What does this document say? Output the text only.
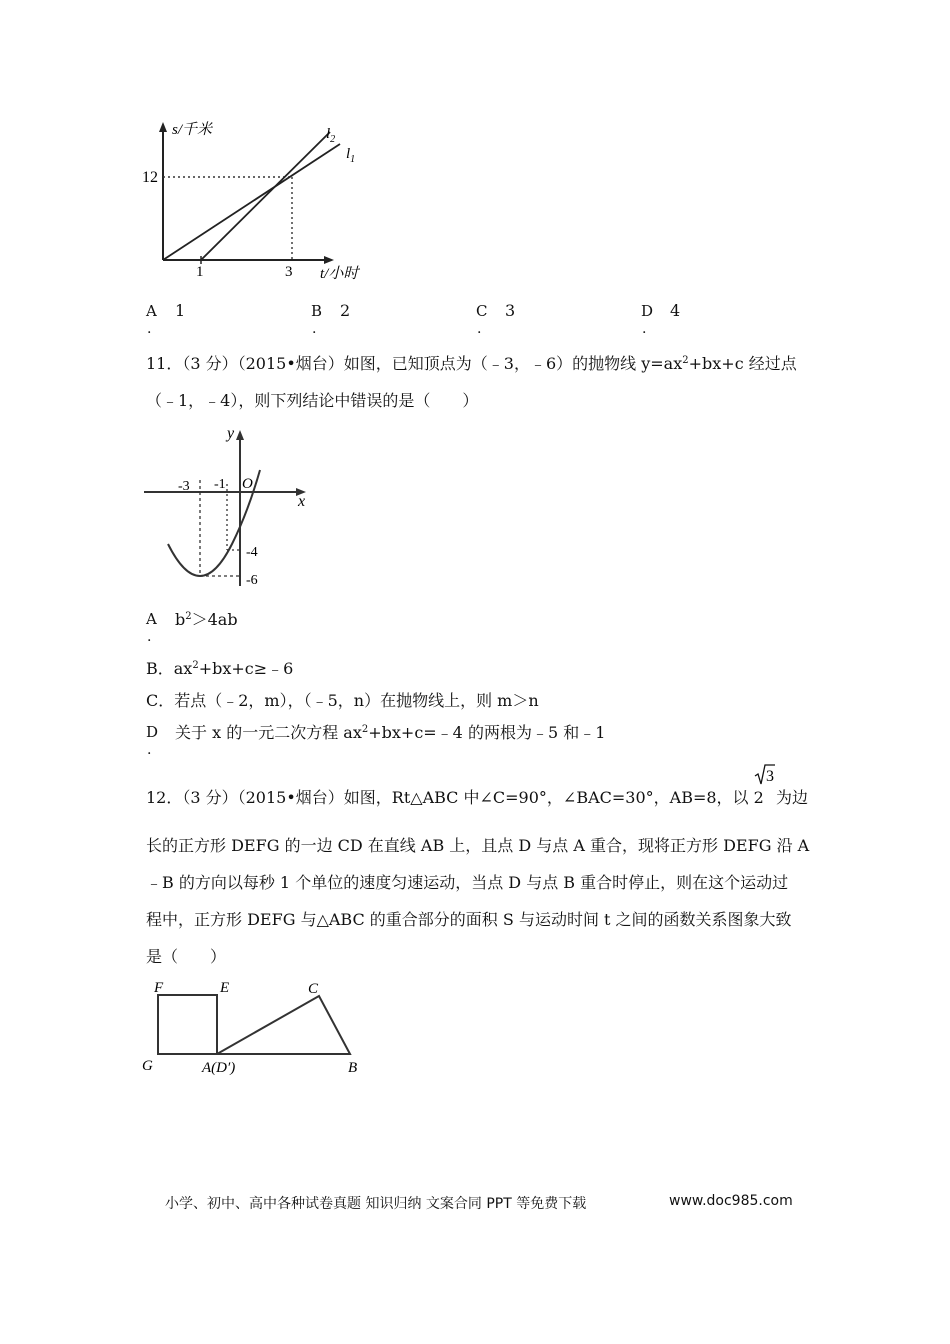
s/千米
t/小时
12
1	3
$l_2$
$l_1$
A
.
1	B
.
2	C
.
3	D
.
4
11．（3 分）（2015•烟台）如图，已知顶点为（﹣3，﹣6）的抛物线 $y=ax^2+bx+c$ 经过点
（﹣1，﹣4），则下列结论中错误的是（　　）
y
x
O
-3 -1
-4
-6
A
.
$b^2>4ab$
B．$ax^2+bx+c\ge﹣6$
C．若点（﹣2，m），（﹣5，n）在抛物线上，则 m＞n
D
.
关于 x 的一元二次方程 $ax^2+bx+c=﹣4$ 的两根为﹣5 和﹣1
12．（3 分）（2015•烟台）如图，Rt△ABC 中∠C=90°，∠BAC=30°，AB=8，以 2
3
为边
长的正方形 DEFG 的一边 CD 在直线 AB 上，且点 D 与点 A 重合，现将正方形 DEFG 沿 A
﹣B 的方向以每秒 1 个单位的速度匀速运动，当点 D 与点 B 重合时停止，则在这个运动过
程中，正方形 DEFG 与△ABC 的重合部分的面积 S 与运动时间 t 之间的函数关系图象大致
是（　　）
F	E
G	A(D′)
C
B
小学、初中、高中各种试卷真题 知识归纳 文案合同 PPT 等免费下载	www.doc985.com
